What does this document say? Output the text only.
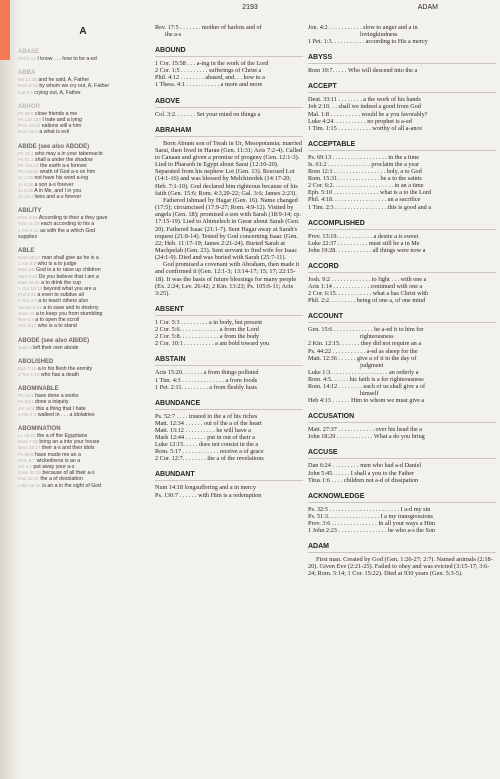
2193	ADAM
A
ABASE
Phil 4:12 I know . . . how to be a-ed
ABBA
Mk 14:36 and he said, A, Father
Rom 8:15 by whom we cry out, A, Father
Gal 4:6 crying out, A, Father
ABHOR
Ps 88:8 close friends a me
Ps 119:163 I hate and a lying
Prov 24:24 nations will a him
Rom 12:9 a what is evil
ABIDE (see also ABODE)
Ps 15:1 who may a in your tabernacle
Ps 91:1 shall a under the shadow
Ps 104:13 the earth a-s forever
Ps 119:90 wrath of God a-s on him
Jn 3:36 not have his word a-ing
Jn 5:38 a son a-s forever
Jn 8:35 A in Me, and I in you
Jn 15:4 lives and a-s forever
ABILITY
Ezra 2:69 According to their a they gave
Acts 11:29 each according to his a
1 Pet 4:11 as with the a which God
supplies
ABLE
Deut 16:17 man shall give as he is a
1 Kin 3:9 who is a to judge
Matt 3:9 God is a to raise up children
Matt 9:28 Do you believe that I am a
Matt 20:22 a to drink the cup
1 Cor 10:13 beyond what you are a
Phil 3:21 a even to subdue all
2 Tim 2:2 a to teach others also
James 4:12 a to save and to destroy
Jude 24 a to keep you from stumbling
Rev 5:3 a to open the scroll
Rev 6:17 who is a to stand
ABODE (see also ABIDE)
Jude 6 left their own abode
ABOLISHED
Eph 2:15 a in his flesh the enmity
2 Tim 1:10 who has a death
ABOMINABLE
Ps 14:1 have done a works
Ps 53:1 done a iniquity
Jer 44:4 this a thing that I hate
1 Pet 4:3 walked in . . . a idolatries
ABOMINATION
Lv 18:22 the a of the Egyptians
Deut 7:26 bring an a into your house
Deut 29:17 their a-s and their idols
Ps 88:8 have made me an a
Prov 8:7 wickedness is an a
Jer 4:1 put away your a-s
Ezek 33:29 because of all their a-s
Dan 12:11 the a of desolation
Luke 16:15 is an a in the sight of God
Rev. 17:5 . . . . . . . mother of harlots and of
the a-s
ABOUND
1 Cor. 15:58 . . . a-ing in the work of the Lord
2 Cor. 1:5 . . . . . . . . . sufferings of Christ a
Phil. 4:12 . . . . . . . . abased, and. . . how to a
1 Thess. 4:1 . . . . . . . . . . . a more and more
ABOVE
Col. 3:2. . . . . . . Set your mind on things a
ABRAHAM
Born Abram son of Terah in Ur, Mesopotamia; married Sarai, then lived in Haran (Gen. 11:31; Acts 7:2-4). Called to Canaan and given a promise of progeny (Gen. 12:1-3). Lied to Pharaoh in Egypt about Sarai (12:10-20). Separated from his nephew Lot (Gen. 13). Rescued Lot (14:1-16) and was blessed by Melchizedek (14:17-20; Heb. 7:1-10). God declared him righteous because of his faith (Gen. 15:6; Rom. 4:3,20-22; Gal. 3:6; James 2:23).
Fathered Ishmael by Hagar (Gen. 16). Name changed (17:5); circumcised (17:9-27; Rom. 4:9-12). Visited by angels (Gen. 18); promised a son with Sarah (18:9-14; cp. 17:15-19). Lied to Abimelech in Gerar about Sarah (Gen. 20). Fathered Isaac (21:1-7). Sent Hagar away at Sarah's request (21:8-14). Tested by God concerning Isaac (Gen. 22; Heb. 11:17-19; James 2:21-24). Buried Sarah at Machpelah (Gen. 23). Sent servant to find wife for Isaac (24:1-9). Died and was buried with Sarah (25:7-11).
God promised a covenant with Abraham, then made it and confirmed it (Gen. 12:1-3; 13:14-17; 15; 17; 22:15-18). It was the basis of future blessings for many people (Ex. 2:24; Lev. 26:42; 2 Kin. 13:23; Ps. 105:6-11; Acts 3:25).
ABSENT
1 Cor. 5:3 . . . . . . . . . a in body, but present
2 Cor. 5:6. . . . . . . . . . . . . a from the Lord
2 Cor. 5:8. . . . . . . . . . . . . a from the body
2 Cor. 10:1 . . . . . . . . . . a am bold toward you
ABSTAIN
Acts 15:20. . . . . . . a from things polluted
1 Tim. 4:3 . . . . . . . . . . . . . . a from foods
1 Pet. 2:11. . . . . . . . . a from fleshly lusts
ABUNDANCE
Ps. 52:7 . . . . trusted in the a of his riches
Matt. 12:34 . . . . . . out of the a of the heart
Matt. 13:12 . . . . . . . . . . he will have a
Mark 12:44 . . . . . . . put in out of their a
Luke 12:15. . . . . does not consist in the a
Rom. 5:17 . . . . . . . . . . . . receive a of grace
2 Cor. 12:7. . . . . . . . the a of the revelations
ABUNDANT
Num 14:18 longsuffering and a in mercy
Ps. 130:7 . . . . . . with Him is a redemption
Jon. 4:2 . . . . . . . . . . . slow to anger and a in
lovingkindness
1 Pet. 1:3. . . . . . . . . . . according to His a mercy
ABYSS
Rom 10:7. . . . . Who will descend into the a
ACCEPT
Deut. 33:11 . . . . . . . . a the work of his hands
Job 2:10. . . shall we indeed a good from God
Mal. 1:8 . . . . . . . . . . would he a you favorably?
Luke 4:24. . . . . . . . . . . no prophet is a-ed
1 Tim. 1:15 . . . . . . . . . . . worthy of all a-ance
ACCEPTABLE
Ps. 69:13 . . . . . . . . . . . . . . . . . . in the a time
Is. 61:2 . . . . . . . . . . . . . . proclaim the a year
Rom 12:1 . . . . . . . . . . . . . . . . . holy, a to God
Rom. 15:31. . . . . . . . . . . . . . be a to the saints
2 Cor. 6:2. . . . . . . . . . . . . . . . . . . . in an a time
Eph. 5:10 . . . . . . . . . . . . . . . what is a to the Lord
Phil. 4:18. . . . . . . . . . . . . . . . . . an a sacrifice
1 Tim. 2:3 . . . . . . . . . . . . . . . . . this is good and a
ACCOMPLISHED
Prov. 13:19. . . . . . . . . . . . a desire a is sweet
Luke 22:37 . . . . . . . . . . must still be a in Me
John 19:28. . . . . . . . . . . . all things were now a
ACCORD
Josh. 9:2 . . . . . . . . . . . . . to fight . . . with one a
Acts 1:14 . . . . . . . . . . . . continued with one a
2 Cor. 6:15. . . . . . . . . . . . what a has Christ with
Phil. 2:2. . . . . . . . . being of one a, of one mind
ACCOUNT
Gen. 15:6 . . . . . . . . . . . . . he a-ed it to him for
righteousness
2 Kin. 12:15. . . . . . . they did not require an a
Ps. 44:22 . . . . . . . . . . . a-ed as sheep for the
Matt. 12:36 . . . . . . give a of it in the day of
judgment
Luke 1:3. . . . . . . . . . . . . . . . . . . an orderly a
Rom. 4:5. . . . . . his faith is a for righteousness
Rom. 14:12 . . . . . . . . each of us shall give a of
himself
Heb 4:13 . . . . . . Him to whom we must give a
ACCUSATION
Matt. 27:37 . . . . . . . . . . . . over his head the a
John 18:29 . . . . . . . . . . . . What a do you bring
ACCUSE
Dan 6:24 . . . . . . . . . men who had a-d Daniel
John 5:45. . . . . . I shall a you to the Father
Titus 1:6 . . . . children not a-d of dissipation
ACKNOWLEDGE
Ps. 32:5 . . . . . . . . . . . . . . . . . . . . . . . I a-d my sin
Ps. 51:3. . . . . . . . . . . . . . . . . I a my transgressions
Prov. 3:6 . . . . . . . . . . . . . . . In all your ways a Him
1 John 2:23 . . . . . . . . . . . . . . . . he who a-s the Son
ADAM
First man. Created by God (Gen. 1:26-27; 2:7). Named animals (2:18-20). Given Eve (2:21-25). Failed to obey and was evicted (3:15-17; 3:6-24; Rom. 5:14; 1 Cor. 15:22). Died at 930 years (Gen. 5:3-5).
